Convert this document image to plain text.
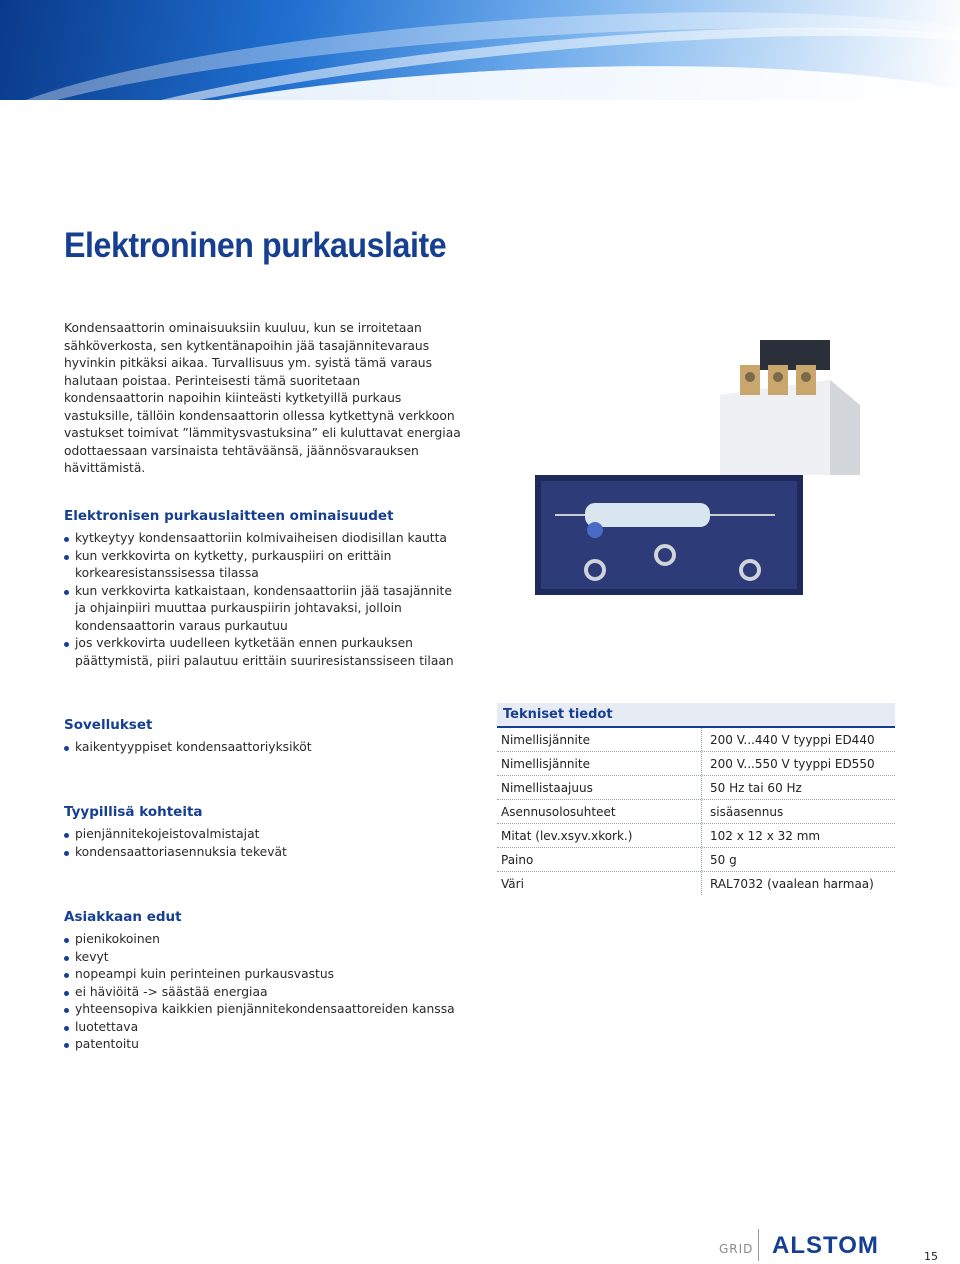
Elektroninen purkauslaite

Kondensaattorin ominaisuuksiin kuuluu, kun se irroitetaan sähköverkosta, sen kytkentänapoihin jää tasajännitevaraus hyvinkin pitkäksi aikaa. Turvallisuus ym. syistä tämä varaus halutaan poistaa. Perinteisesti tämä suoritetaan kondensaattorin napoihin kiinteästi kytketyillä purkaus vastuksille, tällöin kondensaattorin ollessa kytkettynä verkkoon vastukset toimivat ”lämmitysvastuksina” eli kuluttavat energiaa odottaessaan varsinaista tehtäväänsä, jäännösvarauksen hävittämistä.

Elektronisen purkauslaitteen ominaisuudet
kytkeytyy kondensaattoriin kolmivaiheisen diodisillan kautta
kun verkkovirta on kytketty, purkauspiiri on erittäin korkearesistanssisessa tilassa
kun verkkovirta katkaistaan, kondensaattoriin jää tasajännite ja ohjainpiiri muuttaa purkauspiirin johtavaksi, jolloin kondensaattorin varaus purkautuu
jos verkkovirta uudelleen kytketään ennen purkauksen päättymistä, piiri palautuu erittäin suuriresistanssiseen tilaan
Sovellukset
kaikentyyppiset kondensaattoriyksiköt
Tyypillisä kohteita
pienjännitekojeistovalmistajat
kondensaattoriasennuksia tekevät
Asiakkaan edut
pienikokoinen
kevyt
nopeampi kuin perinteinen purkausvastus
ei häviöitä -> säästää energiaa
yhteensopiva kaikkien pienjännitekondensaattoreiden kanssa
luotettava
patentoitu
Tekniset tiedot
Nimellisjännite	200 V...440 V tyyppi ED440
Nimellisjännite	200 V...550 V tyyppi ED550
Nimellistaajuus	50 Hz tai 60 Hz
Asennusolosuhteet	sisäasennus
Mitat (lev.xsyv.xkork.)	102 x 12 x 32 mm
Paino	50 g
Väri	RAL7032 (vaalean harmaa)
GRID ALSTOM	15
